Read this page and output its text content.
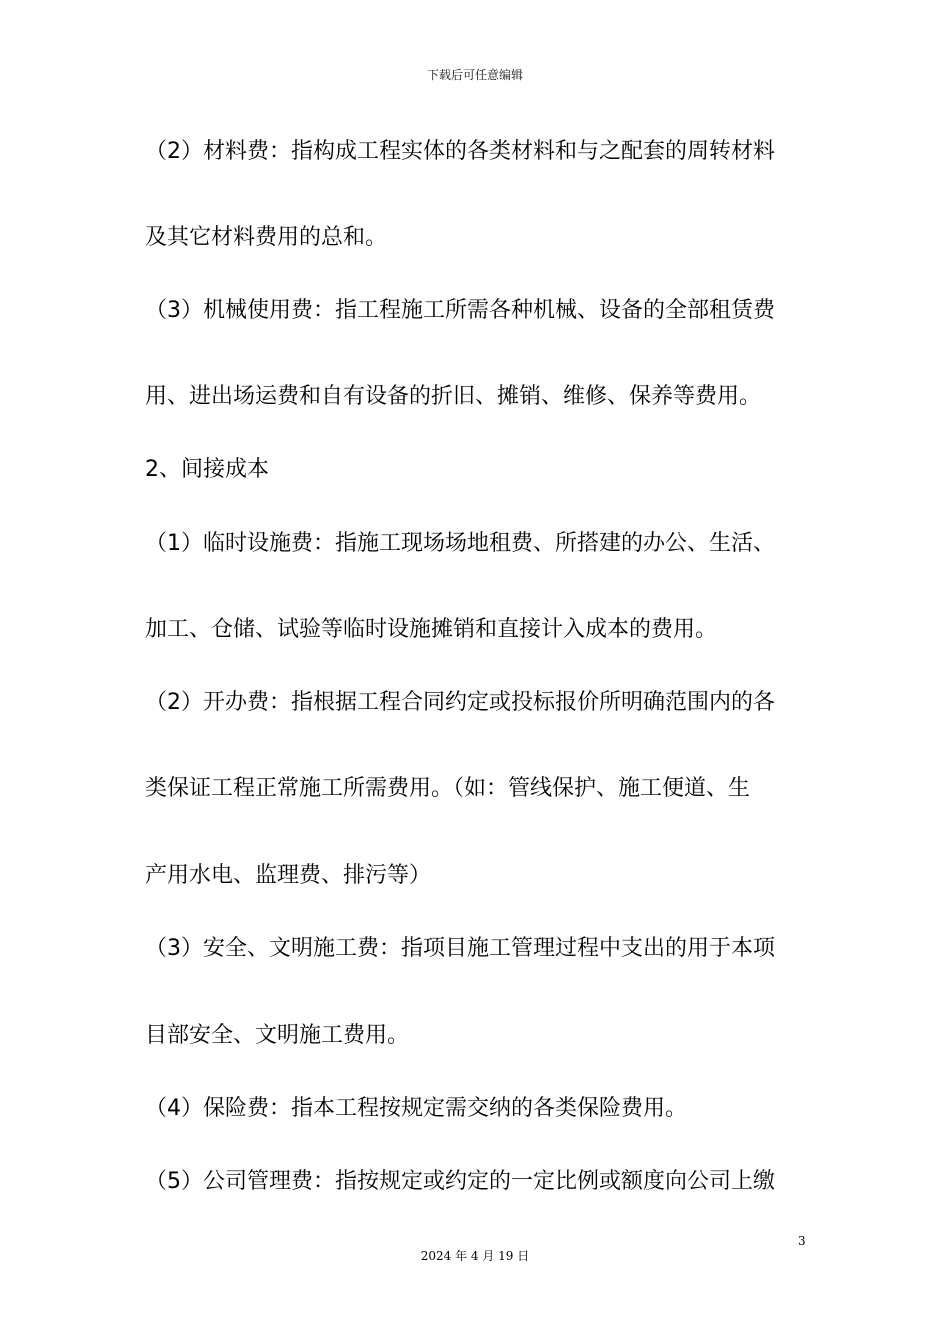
下载后可任意编辑
（2）材料费：指构成工程实体的各类材料和与之配套的周转材料
及其它材料费用的总和。
（3）机械使用费：指工程施工所需各种机械、设备的全部租赁费
用、进出场运费和自有设备的折旧、摊销、维修、保养等费用。
2、间接成本
（1）临时设施费：指施工现场场地租费、所搭建的办公、生活、
加工、仓储、试验等临时设施摊销和直接计入成本的费用。
（2）开办费：指根据工程合同约定或投标报价所明确范围内的各
类保证工程正常施工所需费用。（如：管线保护、施工便道、生
产用水电、监理费、排污等）
（3）安全、文明施工费：指项目施工管理过程中支出的用于本项
目部安全、文明施工费用。
（4）保险费：指本工程按规定需交纳的各类保险费用。
（5）公司管理费：指按规定或约定的一定比例或额度向公司上缴
3
2024 年 4 月 19 日
